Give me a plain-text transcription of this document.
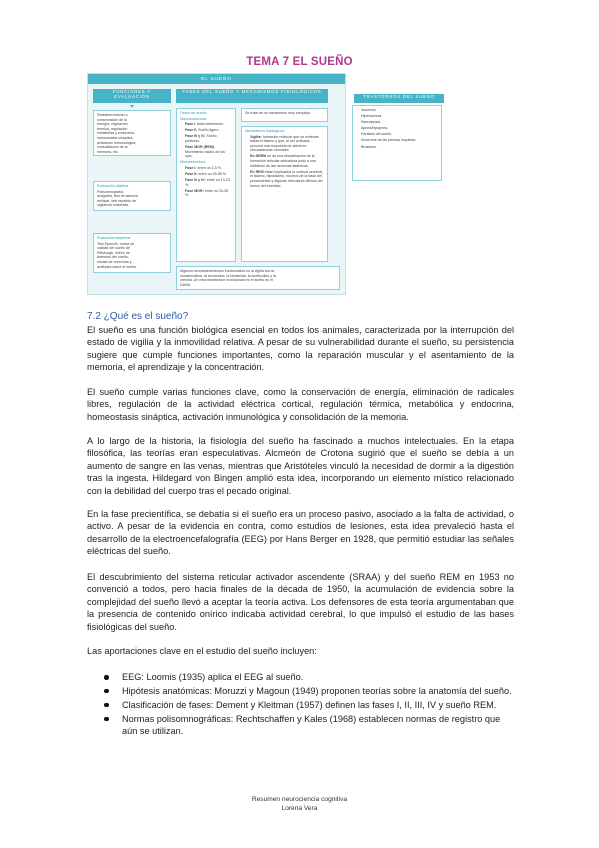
TEMA 7 EL SUEÑO
EL SUEÑO
FUNCIONES Y EVALUACIÓN
Restablecimiento o
conservación de la
energía, regulación
térmica, regulación
metabólica y endócrina,
homeostasis sináptica,
activación inmunológica,
consolidación de la
memoria, etc.
Evaluación objetiva:
Polisomnografía,
actigrafía, test de latencia
múltiple, test repetido de
vigilancia sostenida.
Evaluación subjetiva:
Test Epworth, índice de
calidad del sueño de
Pittsburgh, índice de
deterioro del sueño,
escala de creencias y
actitudes sobre el sueño.
FASES DEL SUEÑO Y MECANISMOS FISIOLÓGICOS
Fases del sueño:
Macroestructura:
• Fase I. Adormecimiento.
• Fase II. Sueño ligero.
• Fase III y IV. Sueño profundo.
• Fase MOR (REM). Movimiento rápido de los ojos.
Microestructura:
• Fase I: entre un 2-5 %.
• Fase II: entre un 45-55 %.
• Fase III y IV: entre un 13-23 %.
• Fase MOR: entre un 20-25 %.
Se trata de un mecanismo muy complejo.
Mecanismos fisiológicos:
• Vigilia: formación reticular que se extiende hasta el tálamo y que, al ser activada, provoca una respuesta de alerta en circunstancias normales.
• En NREM se da una desactivación de la formación reticular activadora junto a una inhibición de las neuronas talámicas.
• En REM están implicados la corteza cerebral, el tálamo, hipotálamo, núcleos de la base del prosencéfalo y algunas reticulares difusos del tronco del encéfalo.
Algunos neurotransmisores involucrados en la vigilia son la
noradrenalina, la serotonina, la histamina, la acetilcolina y la
orexina. Un neurotransmisor involucrado en el sueño es el
GABA.
TRASTORNOS DEL SUEÑO
• Insomnio.
• Hipersomnia.
• Narcolepsia.
• Apnea/hipopnea.
• Parálisis del sueño.
• Síndrome de las piernas inquietas.
• Bruxismo.
7.2 ¿Qué es el sueño?

El sueño es una función biológica esencial en todos los animales, caracterizada por la interrupción del estado de vigilia y la inmovilidad relativa. A pesar de su vulnerabilidad durante el sueño, su persistencia sugiere que cumple funciones importantes, como la reparación muscular y el asentamiento de la memoria, el aprendizaje y la concentración.

El sueño cumple varias funciones clave, como la conservación de energía, eliminación de radicales libres, regulación de la actividad eléctrica cortical, regulación térmica, metabólica y endocrina, homeostasis sináptica, activación inmunológica y consolidación de la memoria.

A lo largo de la historia, la fisiología del sueño ha fascinado a muchos intelectuales. En la etapa filosófica, las teorías eran especulativas. Alcmeón de Crotona sugirió que el sueño se debía a un aumento de sangre en las venas, mientras que Aristóteles vinculó la necesidad de dormir a la digestión tras la ingesta. Hildegard von Bingen amplió esta idea, incorporando un elemento místico relacionado con la debilidad del cuerpo tras el pecado original.

En la fase precientífica, se debatía si el sueño era un proceso pasivo, asociado a la falta de actividad, o activo. A pesar de la evidencia en contra, como estudios de lesiones, esta idea prevaleció hasta el desarrollo de la electroencefalografía (EEG) por Hans Berger en 1928, que permitió estudiar las señales eléctricas del sueño.

El descubrimiento del sistema reticular activador ascendente (SRAA) y del sueño REM en 1953 no convenció a todos, pero hacia finales de la década de 1950, la acumulación de evidencia sobre la complejidad del sueño llevó a aceptar la teoría activa. Los defensores de esta teoría argumentaban que la presencia de contenido onírico indicaba actividad cerebral, lo que impulsó el estudio de las bases fisiológicas del sueño.

Las aportaciones clave en el estudio del sueño incluyen:

EEG: Loomis (1935) aplica el EEG al sueño.
Hipótesis anatómicas: Moruzzi y Magoun (1949) proponen teorías sobre la anatomía del sueño.
Clasificación de fases: Dement y Kleitman (1957) definen las fases I, II, III, IV y sueño REM.
Normas polisomnográficas: Rechtschaffen y Kales (1968) establecen normas de registro que aún se utilizan.
Resumen neurociencia cognitiva
Lorena Vera
